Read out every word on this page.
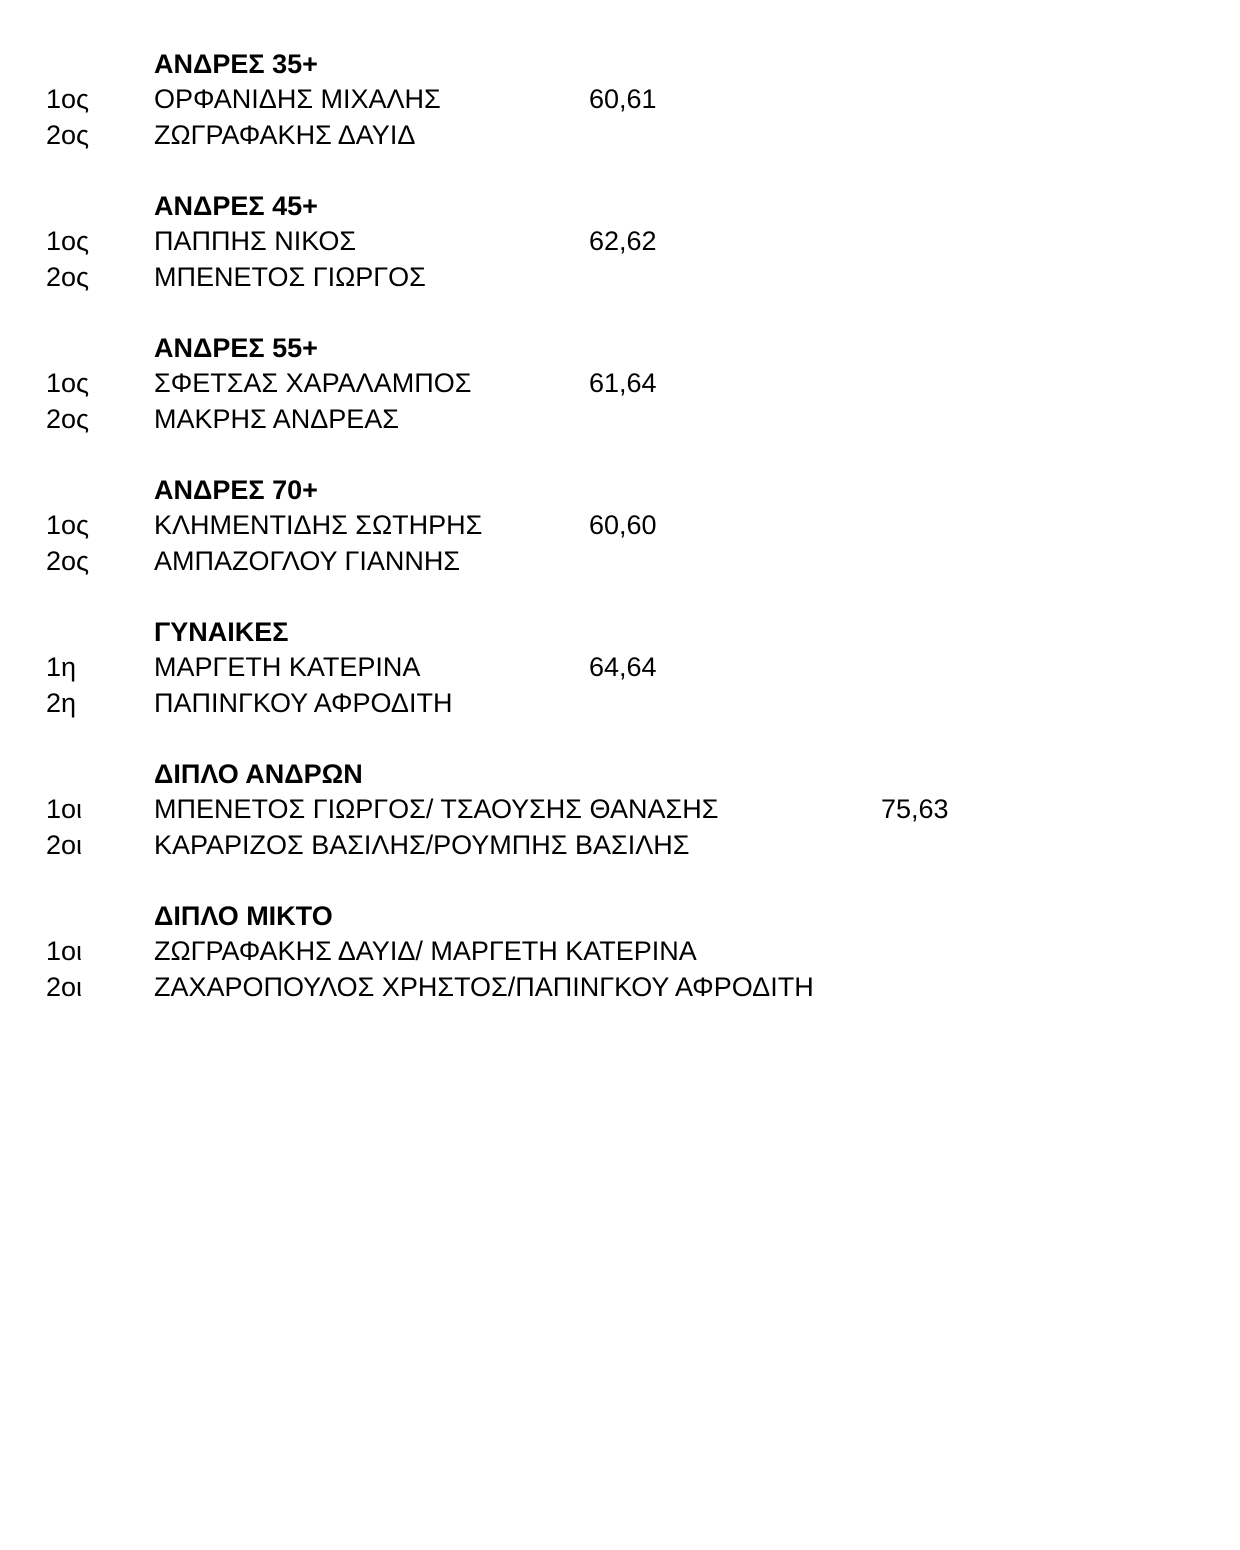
ΑΝΔΡΕΣ 35+
1ος ΟΡΦΑΝΙΔΗΣ ΜΙΧΑΛΗΣ	60,61
2ος ΖΩΓΡΑΦΑΚΗΣ ΔΑΥΙΔ
ΑΝΔΡΕΣ 45+
1ος ΠΑΠΠΗΣ ΝΙΚΟΣ	62,62
2ος ΜΠΕΝΕΤΟΣ ΓΙΩΡΓΟΣ
ΑΝΔΡΕΣ 55+
1ος ΣΦΕΤΣΑΣ ΧΑΡΑΛΑΜΠΟΣ	61,64
2ος ΜΑΚΡΗΣ ΑΝΔΡΕΑΣ
ΑΝΔΡΕΣ 70+
1ος ΚΛΗΜΕΝΤΙΔΗΣ ΣΩΤΗΡΗΣ	60,60
2ος ΑΜΠΑΖΟΓΛΟΥ ΓΙΑΝΝΗΣ
ΓΥΝΑΙΚΕΣ
1η	ΜΑΡΓΕΤΗ ΚΑΤΕΡΙΝΑ	64,64
2η	ΠΑΠΙΝΓΚΟΥ ΑΦΡΟΔΙΤΗ
ΔΙΠΛΟ ΑΝΔΡΩΝ
1οι	ΜΠΕΝΕΤΟΣ ΓΙΩΡΓΟΣ/ ΤΣΑΟΥΣΗΣ ΘΑΝΑΣΗΣ	75,63
2οι	ΚΑΡΑΡΙΖΟΣ ΒΑΣΙΛΗΣ/ΡΟΥΜΠΗΣ ΒΑΣΙΛΗΣ
ΔΙΠΛΟ ΜΙΚΤΟ
1οι	ΖΩΓΡΑΦΑΚΗΣ ΔΑΥΙΔ/ ΜΑΡΓΕΤΗ ΚΑΤΕΡΙΝΑ
2οι	ΖΑΧΑΡΟΠΟΥΛΟΣ ΧΡΗΣΤΟΣ/ΠΑΠΙΝΓΚΟΥ ΑΦΡΟΔΙΤΗ
